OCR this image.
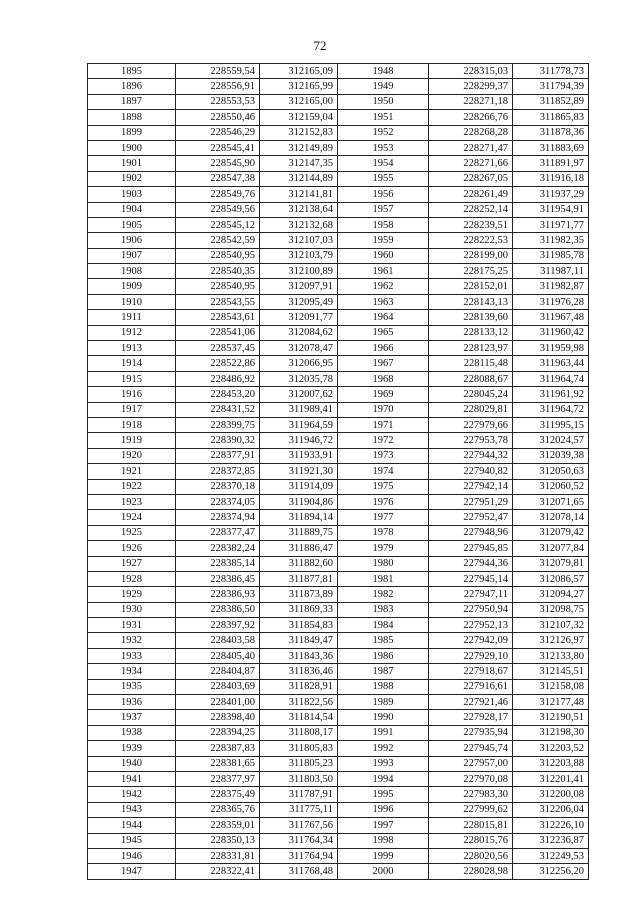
72
1895	228559,54	312165,09	1948	228315,03	311778,73
1896	228556,91	312165,99	1949	228299,37	311794,39
1897	228553,53	312165,00	1950	228271,18	311852,89
1898	228550,46	312159,04	1951	228266,76	311865,83
1899	228546,29	312152,83	1952	228268,28	311878,36
1900	228545,41	312149,89	1953	228271,47	311883,69
1901	228545,90	312147,35	1954	228271,66	311891,97
1902	228547,38	312144,89	1955	228267,05	311916,18
1903	228549,76	312141,81	1956	228261,49	311937,29
1904	228549,56	312138,64	1957	228252,14	311954,91
1905	228545,12	312132,68	1958	228239,51	311971,77
1906	228542,59	312107,03	1959	228222,53	311982,35
1907	228540,95	312103,79	1960	228199,00	311985,78
1908	228540,35	312100,89	1961	228175,25	311987,11
1909	228540,95	312097,91	1962	228152,01	311982,87
1910	228543,55	312095,49	1963	228143,13	311976,28
1911	228543,61	312091,77	1964	228139,60	311967,48
1912	228541,06	312084,62	1965	228133,12	311960,42
1913	228537,45	312078,47	1966	228123,97	311959,98
1914	228522,86	312066,95	1967	228115,48	311963,44
1915	228486,92	312035,78	1968	228088,67	311964,74
1916	228453,20	312007,62	1969	228045,24	311961,92
1917	228431,52	311989,41	1970	228029,81	311964,72
1918	228399,75	311964,59	1971	227979,66	311995,15
1919	228390,32	311946,72	1972	227953,78	312024,57
1920	228377,91	311933,91	1973	227944,32	312039,38
1921	228372,85	311921,30	1974	227940,82	312050,63
1922	228370,18	311914,09	1975	227942,14	312060,52
1923	228374,05	311904,86	1976	227951,29	312071,65
1924	228374,94	311894,14	1977	227952,47	312078,14
1925	228377,47	311889,75	1978	227948,96	312079,42
1926	228382,24	311886,47	1979	227945,85	312077,84
1927	228385,14	311882,60	1980	227944,36	312079,81
1928	228386,45	311877,81	1981	227945,14	312086,57
1929	228386,93	311873,89	1982	227947,11	312094,27
1930	228386,50	311869,33	1983	227950,94	312098,75
1931	228397,92	311854,83	1984	227952,13	312107,32
1932	228403,58	311849,47	1985	227942,09	312126,97
1933	228405,40	311843,36	1986	227929,10	312133,80
1934	228404,87	311836,46	1987	227918,67	312145,51
1935	228403,69	311828,91	1988	227916,61	312158,08
1936	228401,00	311822,56	1989	227921,46	312177,48
1937	228398,40	311814,54	1990	227928,17	312190,51
1938	228394,25	311808,17	1991	227935,94	312198,30
1939	228387,83	311805,83	1992	227945,74	312203,52
1940	228381,65	311805,23	1993	227957,00	312203,88
1941	228377,97	311803,50	1994	227970,08	312201,41
1942	228375,49	311787,91	1995	227983,30	312200,08
1943	228365,76	311775,11	1996	227999,62	312206,04
1944	228359,01	311767,56	1997	228015,81	312226,10
1945	228350,13	311764,34	1998	228015,76	312236,87
1946	228331,81	311764,94	1999	228020,56	312249,53
1947	228322,41	311768,48	2000	228028,98	312256,20
